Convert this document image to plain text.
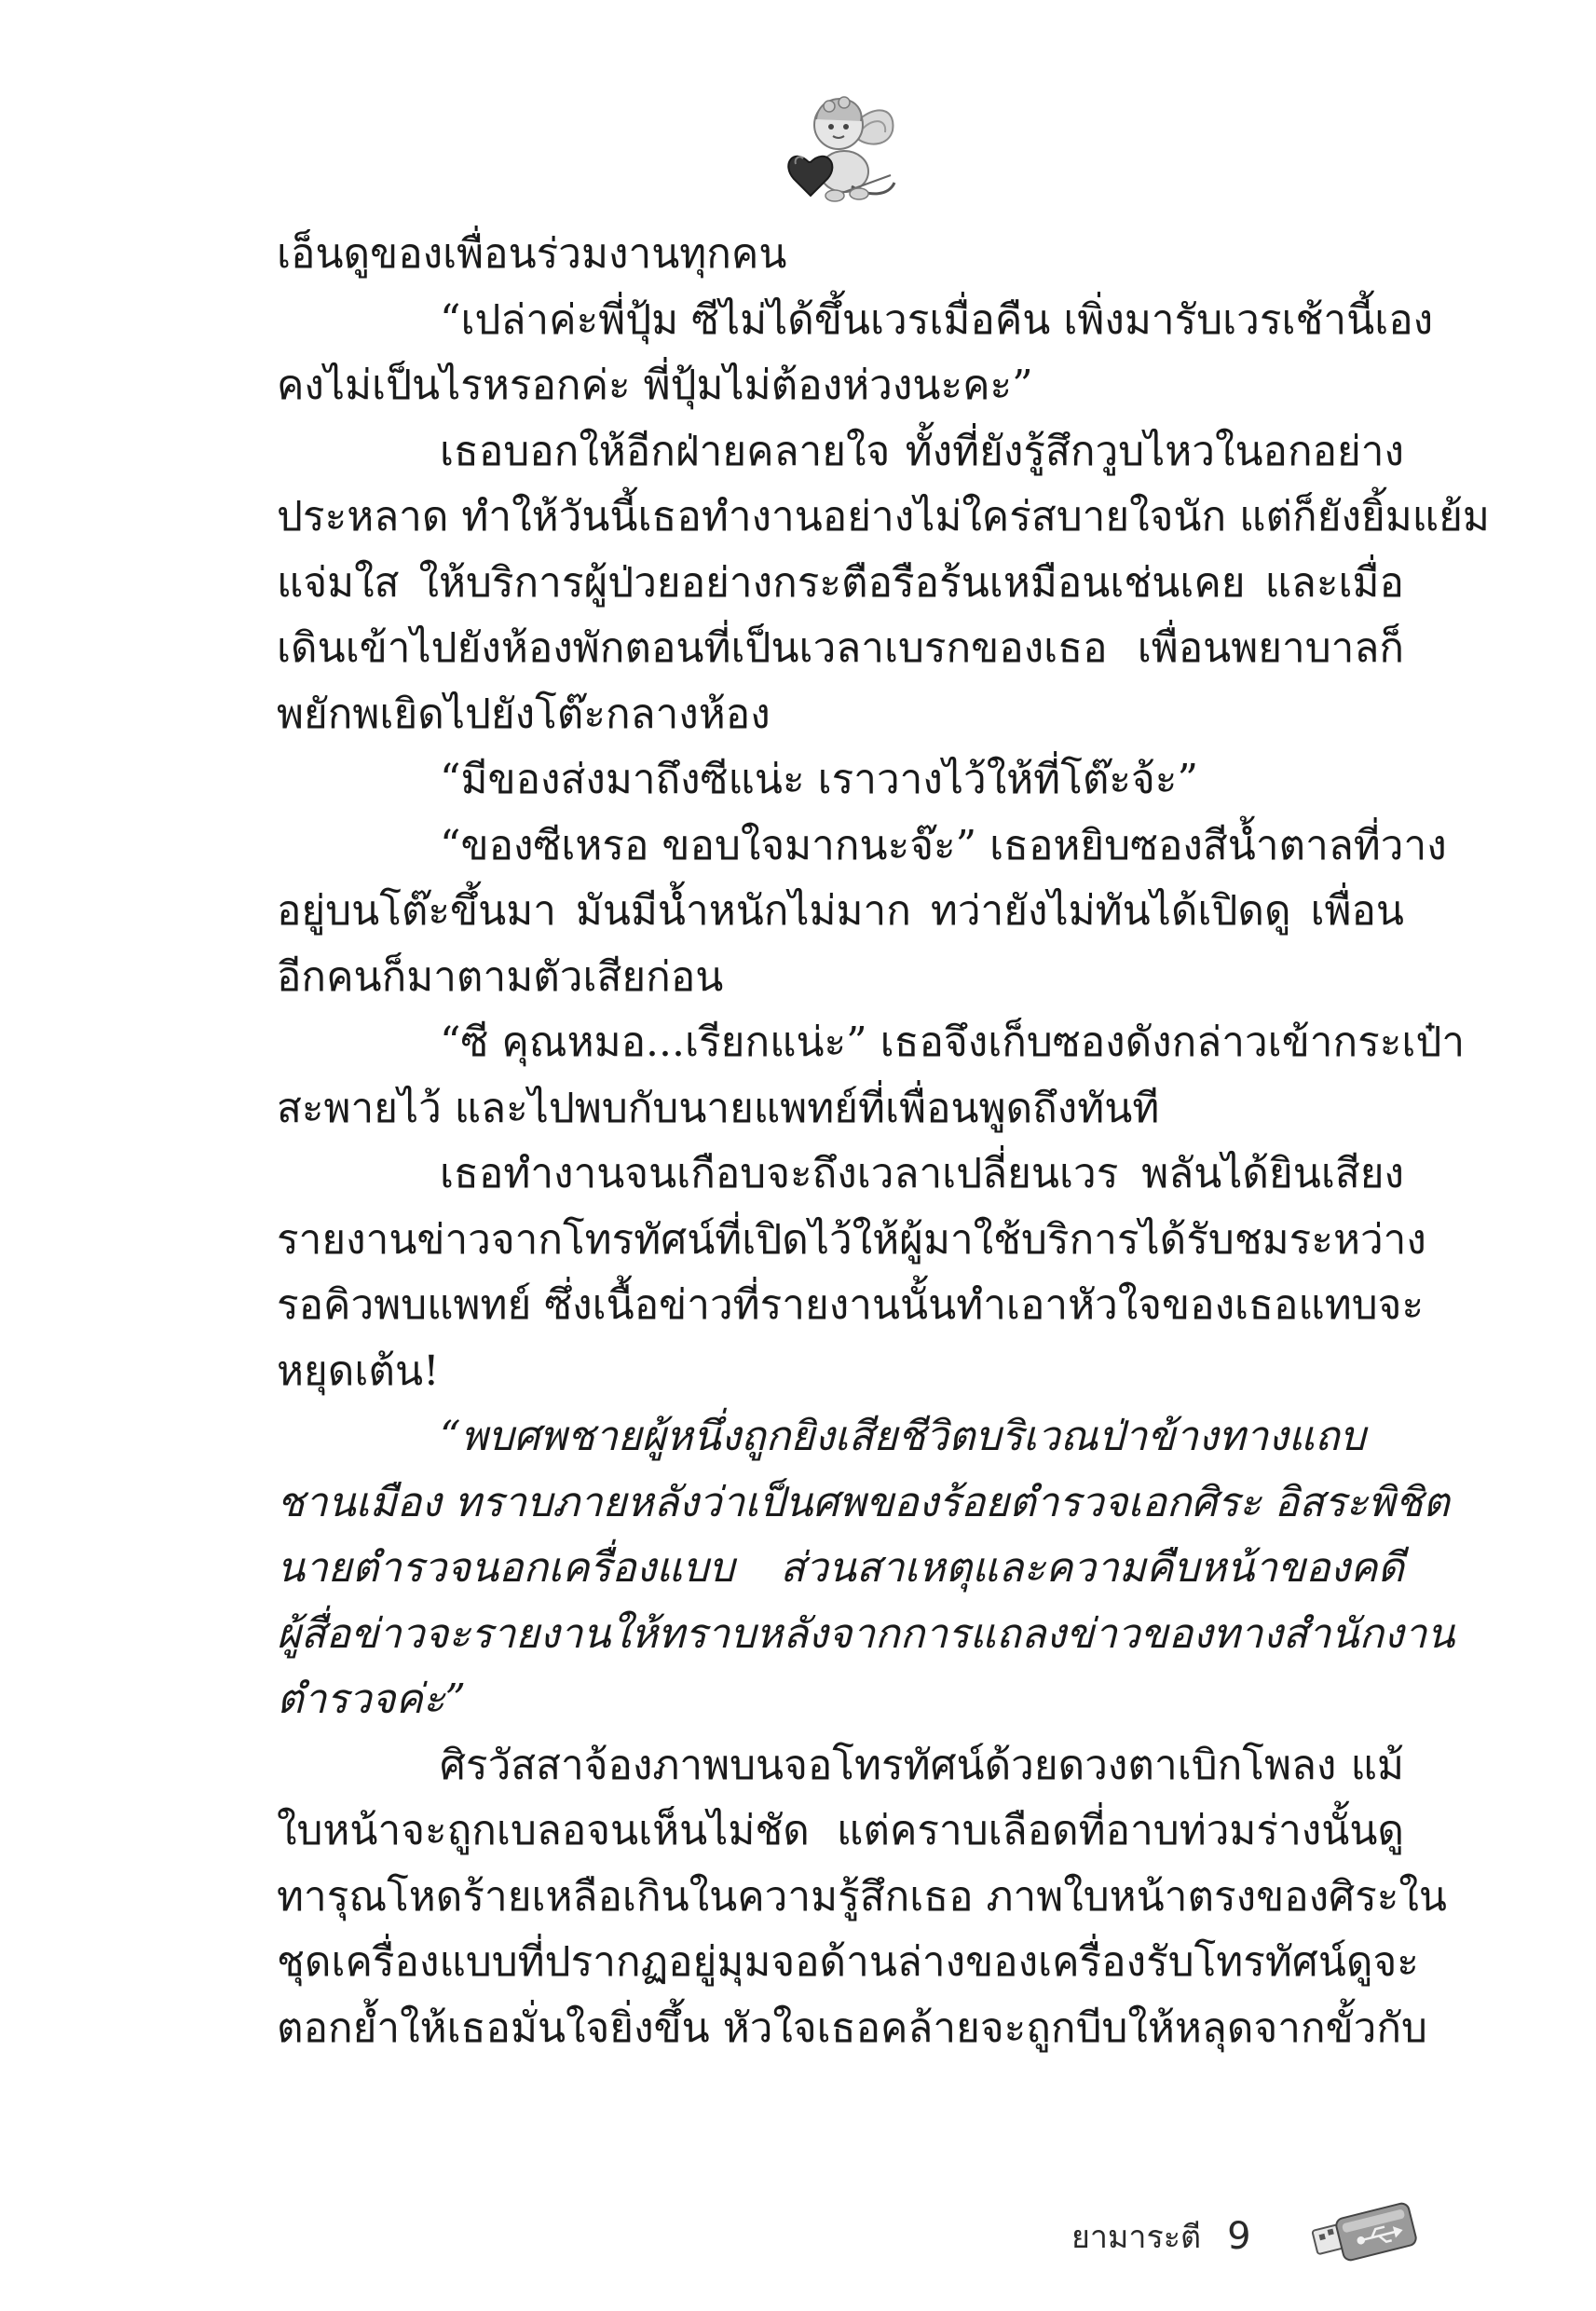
เอ็นดูของเพื่อนร่วมงานทุกคน
“เปล่าค่ะพี่ปุ้ม ซีไม่ได้ขึ้นเวรเมื่อคืน เพิ่งมารับเวรเช้านี้เอง
คงไม่เป็นไรหรอกค่ะ พี่ปุ้มไม่ต้องห่วงนะคะ”
เธอบอกให้อีกฝ่ายคลายใจ ทั้งที่ยังรู้สึกวูบไหวในอกอย่าง
ประหลาด ทำให้วันนี้เธอทำงานอย่างไม่ใคร่สบายใจนัก แต่ก็ยังยิ้มแย้ม
แจ่มใส ให้บริการผู้ป่วยอย่างกระตือรือร้นเหมือนเช่นเคย และเมื่อ
เดินเข้าไปยังห้องพักตอนที่เป็นเวลาเบรกของเธอ เพื่อนพยาบาลก็
พยักพเยิดไปยังโต๊ะกลางห้อง
“มีของส่งมาถึงซีแน่ะ เราวางไว้ให้ที่โต๊ะจ้ะ”
“ของซีเหรอ ขอบใจมากนะจ๊ะ” เธอหยิบซองสีน้ำตาลที่วาง
อยู่บนโต๊ะขึ้นมา มันมีน้ำหนักไม่มาก ทว่ายังไม่ทันได้เปิดดู เพื่อน
อีกคนก็มาตามตัวเสียก่อน
“ซี คุณหมอ...เรียกแน่ะ” เธอจึงเก็บซองดังกล่าวเข้ากระเป๋า
สะพายไว้ และไปพบกับนายแพทย์ที่เพื่อนพูดถึงทันที
เธอทำงานจนเกือบจะถึงเวลาเปลี่ยนเวร พลันได้ยินเสียง
รายงานข่าวจากโทรทัศน์ที่เปิดไว้ให้ผู้มาใช้บริการได้รับชมระหว่าง
รอคิวพบแพทย์ ซึ่งเนื้อข่าวที่รายงานนั้นทำเอาหัวใจของเธอแทบจะ
หยุดเต้น!
“พบศพชายผู้หนึ่งถูกยิงเสียชีวิตบริเวณป่าข้างทางแถบ
ชานเมือง ทราบภายหลังว่าเป็นศพของร้อยตำรวจเอกศิระ อิสระพิชิต
นายตำรวจนอกเครื่องแบบ ส่วนสาเหตุและความคืบหน้าของคดี
ผู้สื่อข่าวจะรายงานให้ทราบหลังจากการแถลงข่าวของทางสำนักงาน
ตำรวจค่ะ”
ศิรวัสสาจ้องภาพบนจอโทรทัศน์ด้วยดวงตาเบิกโพลง แม้
ใบหน้าจะถูกเบลอจนเห็นไม่ชัด แต่คราบเลือดที่อาบท่วมร่างนั้นดู
ทารุณโหดร้ายเหลือเกินในความรู้สึกเธอ ภาพใบหน้าตรงของศิระใน
ชุดเครื่องแบบที่ปรากฏอยู่มุมจอด้านล่างของเครื่องรับโทรทัศน์ดูจะ
ตอกย้ำให้เธอมั่นใจยิ่งขึ้น หัวใจเธอคล้ายจะถูกบีบให้หลุดจากขั้วกับ
ยามาระตี 9
